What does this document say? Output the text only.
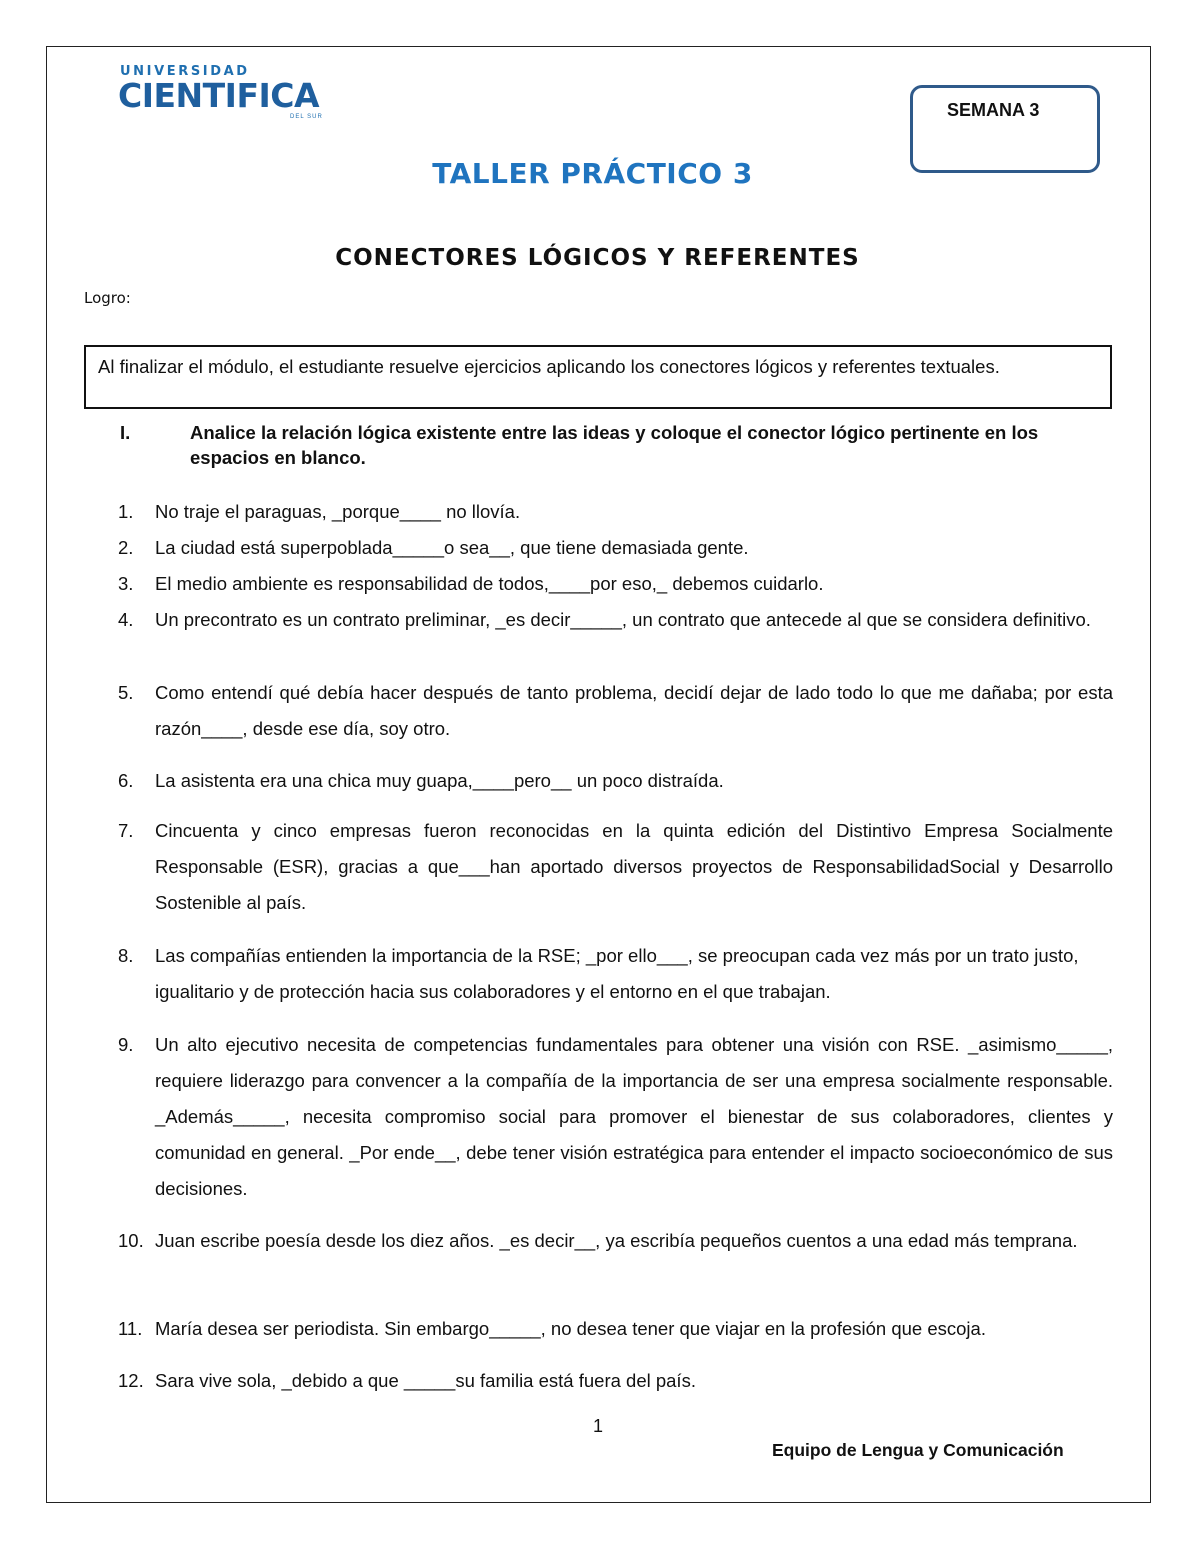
UNIVERSIDAD
CIENTIFICA
DEL SUR	SEMANA 3
TALLER PRÁCTICO 3
CONECTORES LÓGICOS Y REFERENTES
Logro:
Al finalizar el módulo, el estudiante resuelve ejercicios aplicando los conectores lógicos y referentes textuales.
I.	Analice la relación lógica existente entre las ideas y coloque el conector lógico pertinente en los espacios en blanco.
1. No traje el paraguas, _porque____ no llovía.
2. La ciudad está superpoblada_____o sea__, que tiene demasiada gente.
3. El medio ambiente es responsabilidad de todos,____por eso,_ debemos cuidarlo.
4. Un precontrato es un contrato preliminar, _es decir_____, un contrato que antecede al que se considera definitivo.
5. Como entendí qué debía hacer después de tanto problema, decidí dejar de lado todo lo que me dañaba; por esta razón____, desde ese día, soy otro.
6. La asistenta era una chica muy guapa,____pero__ un poco distraída.
7. Cincuenta y cinco empresas fueron reconocidas en la quinta edición del Distintivo Empresa Socialmente Responsable (ESR), gracias a que___han aportado diversos proyectos de ResponsabilidadSocial y Desarrollo Sostenible al país.
8. Las compañías entienden la importancia de la RSE; _por ello___, se preocupan cada vez más por un trato justo, igualitario y de protección hacia sus colaboradores y el entorno en el que trabajan.
9. Un alto ejecutivo necesita de competencias fundamentales para obtener una visión con RSE. _asimismo_____, requiere liderazgo para convencer a la compañía de la importancia de ser una empresa socialmente responsable. _Además_____, necesita compromiso social para promover el bienestar de sus colaboradores, clientes y comunidad en general. _Por ende__, debe tener visión estratégica para entender el impacto socioeconómico de sus decisiones.
10. Juan escribe poesía desde los diez años. _es decir__, ya escribía pequeños cuentos a una edad más temprana.
11. María desea ser periodista. Sin embargo_____, no desea tener que viajar en la profesión que escoja.
12. Sara vive sola, _debido a que _____su familia está fuera del país.
1
Equipo de Lengua y Comunicación
